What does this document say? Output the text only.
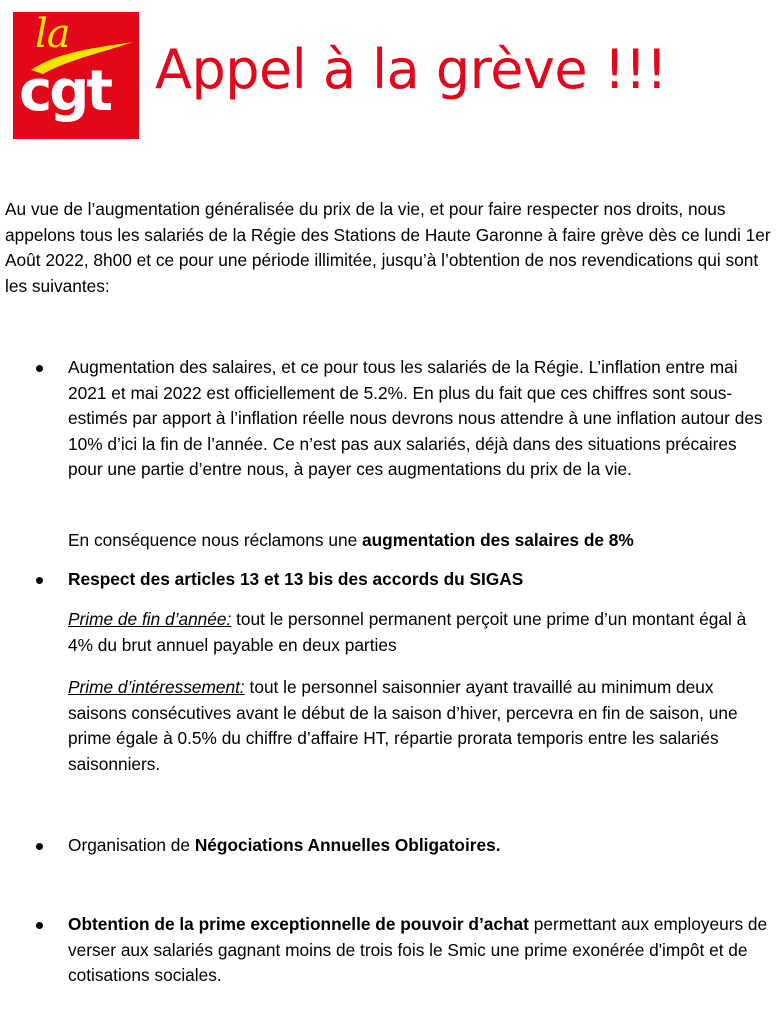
la
cgt Appel à la grève !!!

Au vue de l’augmentation généralisée du prix de la vie, et pour faire respecter nos droits, nous appelons tous les salariés de la Régie des Stations de Haute Garonne à faire grève dès ce lundi 1er Août 2022, 8h00 et ce pour une période illimitée, jusqu’à l’obtention de nos revendications qui sont les suivantes:

Augmentation des salaires, et ce pour tous les salariés de la Régie. L’inflation entre mai 2021 et mai 2022 est officiellement de 5.2%. En plus du fait que ces chiffres sont sous-estimés par apport à l’inflation réelle nous devrons nous attendre à une inflation autour des 10% d’ici la fin de l’année. Ce n’est pas aux salariés, déjà dans des situations précaires pour une partie d’entre nous, à payer ces augmentations du prix de la vie.

En conséquence nous réclamons une augmentation des salaires de 8%

Respect des articles 13 et 13 bis des accords du SIGAS

Prime de fin d’année: tout le personnel permanent perçoit une prime d’un montant égal à 4% du brut annuel payable en deux parties

Prime d’intéressement: tout le personnel saisonnier ayant travaillé au minimum deux saisons consécutives avant le début de la saison d’hiver, percevra en fin de saison, une prime égale à 0.5% du chiffre d’affaire HT, répartie prorata temporis entre les salariés saisonniers.

Organisation de Négociations Annuelles Obligatoires.

Obtention de la prime exceptionnelle de pouvoir d’achat permettant aux employeurs de verser aux salariés gagnant moins de trois fois le Smic une prime exonérée d'impôt et de cotisations sociales.
